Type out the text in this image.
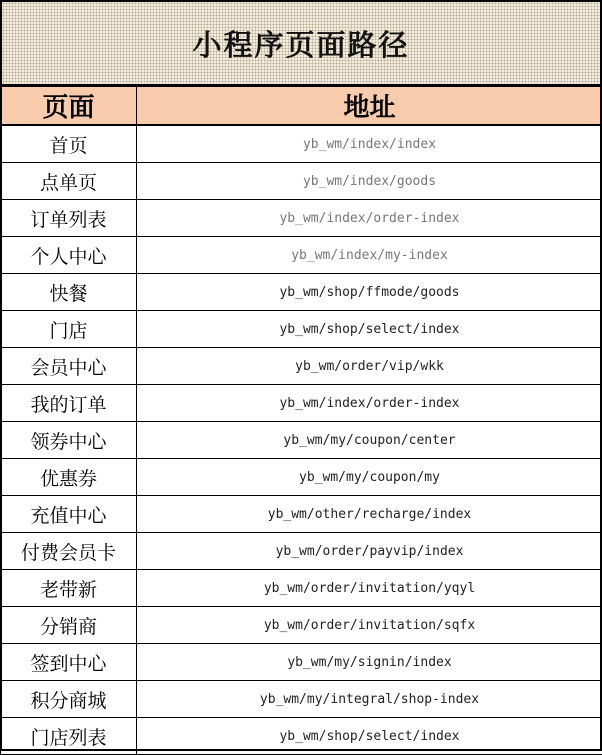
小程序页面路径
页面	地址
首页	yb_wm/index/index
点单页	yb_wm/index/goods
订单列表	yb_wm/index/order-index
个人中心	yb_wm/index/my-index
快餐	yb_wm/shop/ffmode/goods
门店	yb_wm/shop/select/index
会员中心	yb_wm/order/vip/wkk
我的订单	yb_wm/index/order-index
领券中心	yb_wm/my/coupon/center
优惠券	yb_wm/my/coupon/my
充值中心	yb_wm/other/recharge/index
付费会员卡	yb_wm/order/payvip/index
老带新	yb_wm/order/invitation/yqyl
分销商	yb_wm/order/invitation/sqfx
签到中心	yb_wm/my/signin/index
积分商城	yb_wm/my/integral/shop-index
门店列表	yb_wm/shop/select/index
